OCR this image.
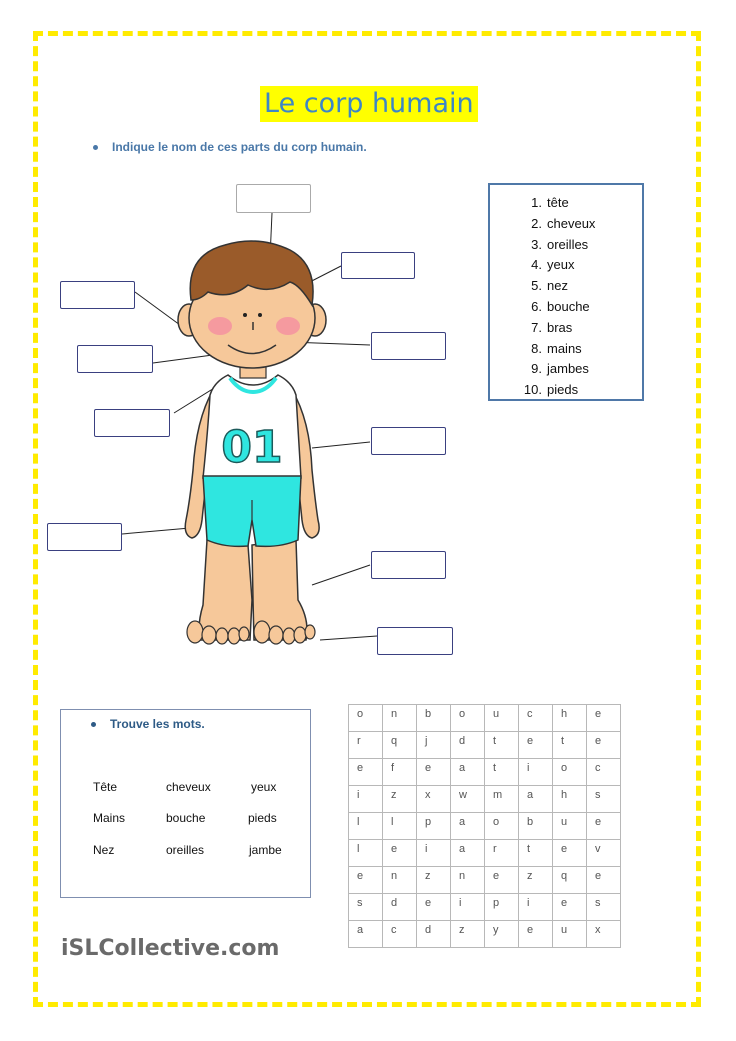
Le corp humain
Indique le nom de ces parts du corp humain.
01
1. tête
2. cheveux
3. oreilles
4. yeux
5. nez
6. bouche
7. bras
8. mains
9. jambes
10. pieds
Trouve les mots.
Tête	cheveux	yeux
Mains	bouche	pieds
Nez	oreilles	jambe
o	n	b	o	u	c	h	e
r	q	j	d	t	e	t	e
e	f	e	a	t	i	o	c
i	z	x	w	m	a	h	s
l	l	p	a	o	b	u	e
l	e	i	a	r	t	e	v
e	n	z	n	e	z	q	e
s	d	e	i	p	i	e	s
a	c	d	z	y	e	u	x
iSLCollective.com
